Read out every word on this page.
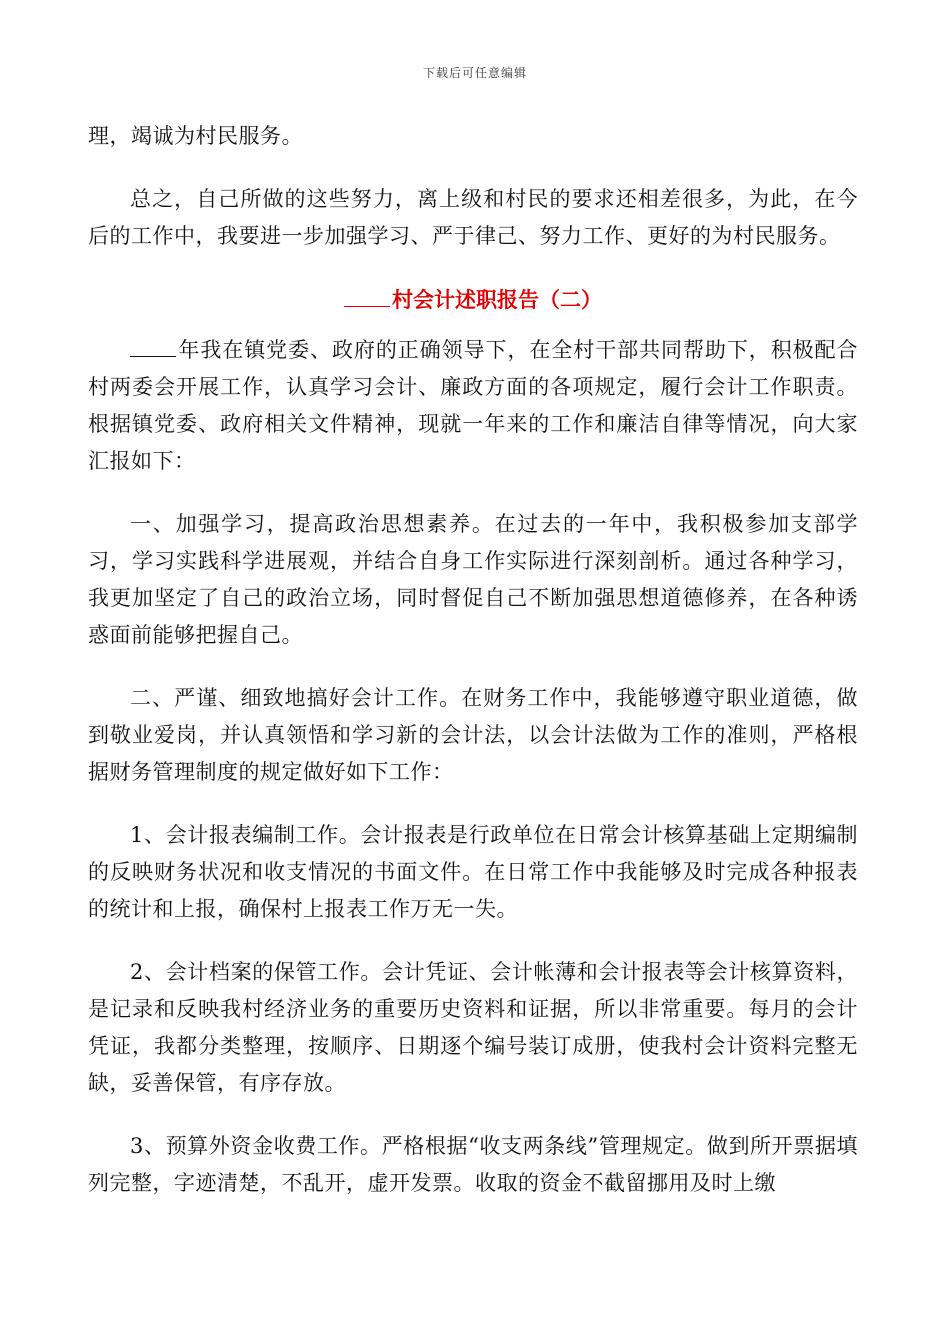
下载后可任意编辑

理，竭诚为村民服务。

总之，自己所做的这些努力，离上级和村民的要求还相差很多，为此，在今后的工作中，我要进一步加强学习、严于律己、努力工作、更好的为村民服务。

村会计述职报告（二）

年我在镇党委、政府的正确领导下，在全村干部共同帮助下，积极配合村两委会开展工作，认真学习会计、廉政方面的各项规定，履行会计工作职责。根据镇党委、政府相关文件精神，现就一年来的工作和廉洁自律等情况，向大家汇报如下：

一、加强学习，提高政治思想素养。在过去的一年中，我积极参加支部学习，学习实践科学进展观，并结合自身工作实际进行深刻剖析。通过各种学习，我更加坚定了自己的政治立场，同时督促自己不断加强思想道德修养，在各种诱惑面前能够把握自己。

二、严谨、细致地搞好会计工作。在财务工作中，我能够遵守职业道德，做到敬业爱岗，并认真领悟和学习新的会计法，以会计法做为工作的准则，严格根据财务管理制度的规定做好如下工作：

1、会计报表编制工作。会计报表是行政单位在日常会计核算基础上定期编制的反映财务状况和收支情况的书面文件。在日常工作中我能够及时完成各种报表的统计和上报，确保村上报表工作万无一失。

2、会计档案的保管工作。会计凭证、会计帐薄和会计报表等会计核算资料，是记录和反映我村经济业务的重要历史资料和证据，所以非常重要。每月的会计凭证，我都分类整理，按顺序、日期逐个编号装订成册，使我村会计资料完整无缺，妥善保管，有序存放。

3、预算外资金收费工作。严格根据“收支两条线”管理规定。做到所开票据填列完整，字迹清楚，不乱开，虚开发票。收取的资金不截留挪用及时上缴
